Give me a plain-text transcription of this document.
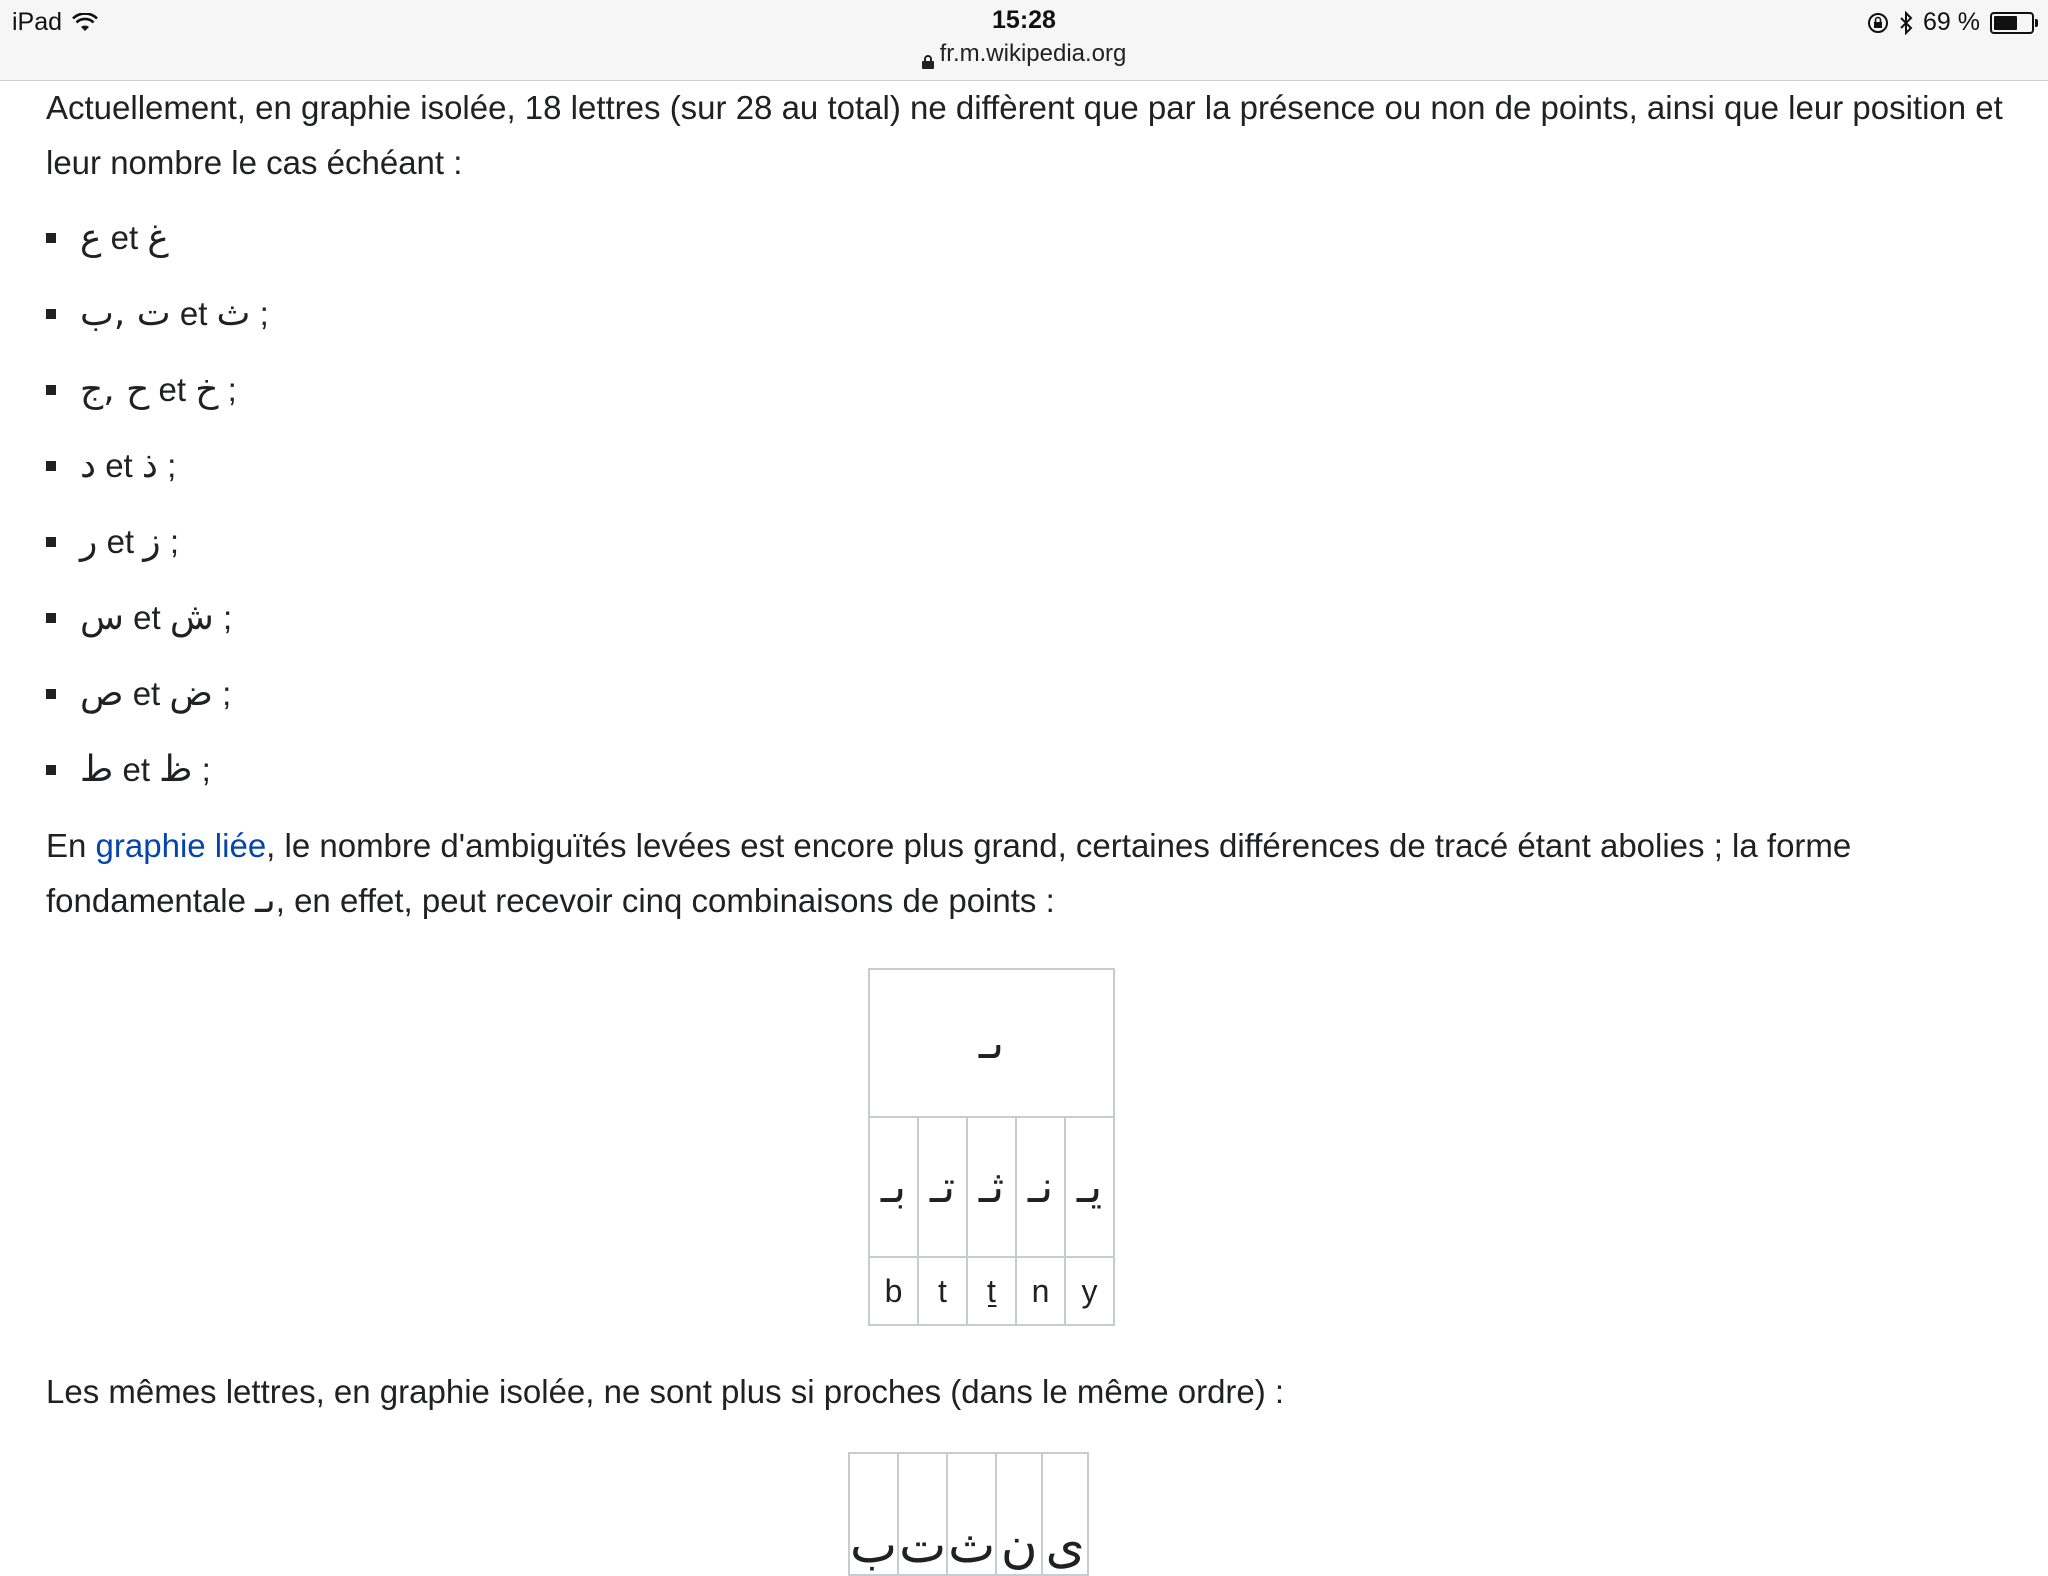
iPad	15:28
fr.m.wikipedia.org
69 %

Actuellement, en graphie isolée, 18 lettres (sur 28 au total) ne diffèrent que par la présence ou non de points, ainsi que leur position et leur nombre le cas échéant :

ع et غ
ت ,ب et ث ;
ح ,ج et خ ;
د et ذ ;
ر et ز ;
س et ش ;
ص et ض ;
ط et ظ ;

En graphie liée, le nombre d'ambiguïtés levées est encore plus grand, certaines différences de tracé étant abolies ; la forme fondamentale ٮـ, en effet, peut recevoir cinq combinaisons de points :

ٮـ				
بـ	تـ	ثـ	نـ	يـ
b	t	ṯ	n	y

Les mêmes lettres, en graphie isolée, ne sont plus si proches (dans le même ordre) :

ب	ت	ث	ن	ى
